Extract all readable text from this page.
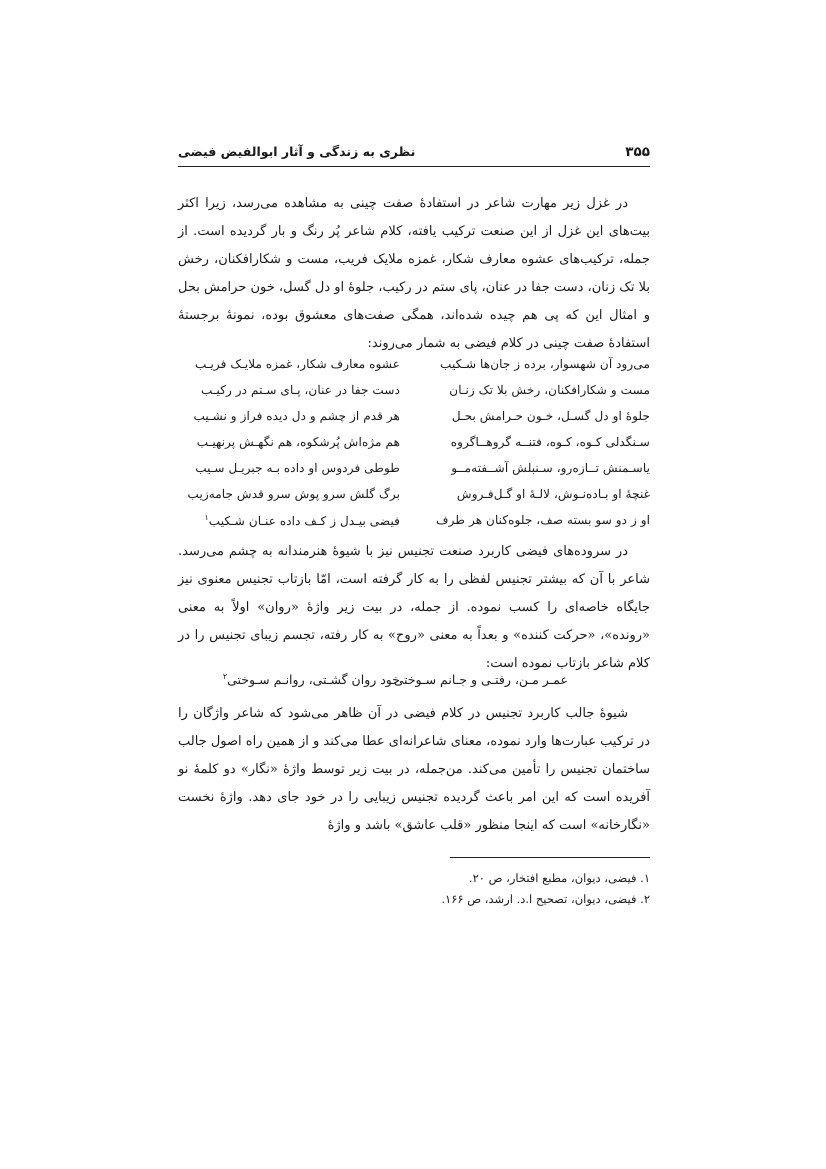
۳۵۵
نظری به زندگی و آثار ابوالفیض فیضی

در غزل زیر مهارت شاعر در استفادۀ صفت چینی به مشاهده می‌رسد، زیرا اکثر بیت‌های این غزل از این صنعت ترکیب یافته، کلام شاعر پُر رنگ و بار گردیده است. از جمله، ترکیب‌های عشوه معارف شکار، غمزه ملایک فریب، مست و شکارافکنان، رخش بلا تک زنان، دست جفا در عنان، پای ستم در رکیب، جلوۀ او دل گسل، خون حرامش بحل و امثال این که پی هم چیده شده‌اند، همگی صفت‌های معشوق بوده، نمونۀ برجستۀ استفادۀ صفت چینی در کلام فیضی به شمار می‌روند:

می‌رود آن شهسوار، برده ز جان‌ها شـکیب
عشوه معارف شکار، غمزه ملایـک فریـب
مست و شکارافکنان، رخش بلا تک زنـان
دست جفا در عنان، پـای سـتم در رکیـب
جلوۀ او دل گسـل، خـون حـرامش بحـل
هر قدم از چشم و دل دیده فراز و نشـیب
سـنگدلی کـوه، کـوه، فتنــه گروهــاگروه
هم مژه‌اش پُرشکوه، هم نگهـش پرنهیـب
یاسـمنش تــازه‌رو، سـنبلش آشــفته‌مــو
طوطی فردوس او داده بـه جبریـل سـیب
غنچۀ او بـاده‌نـوش، لالـۀ او گـل‌فـروش
برگ گلش سرو پوش سرو قدش جامه‌زیب
او ز دو سو بسته صف، جلوه‌کنان هر طرف
فیضی بیـدل ز کـف داده عنـان شـکیب$^۱$

در سروده‌های فیضی کاربرد صنعت تجنیس نیز با شیوۀ هنرمندانه به چشم می‌رسد. شاعر با آن که بیشتر تجنیس لفظی را به کار گرفته است، امّا بازتاب تجنیس معنوی نیز جایگاه خاصه‌ای را کسب نموده. از جمله، در بیت زیر واژۀ «روان» اولاً به معنی «رونده»، «حرکت کننده» و بعداً به معنی «روح» به کار رفته، تجسم زیبای تجنیس را در کلام شاعر بازتاب نموده است:

عمـر مـن، رفتـی و جـانم سـوختی
خود روان گشـتی، روانـم سـوختی$^۲$

شیوۀ جالب کاربرد تجنیس در کلام فیضی در آن ظاهر می‌شود که شاعر واژگان را در ترکیب عبارت‌ها وارد نموده، معنای شاعرانه‌ای عطا می‌کند و از همین راه اصول جالب ساختمان تجنیس را تأمین می‌کند. من‌جمله، در بیت زیر توسط واژۀ «نگار» دو کلمۀ نو آفریده است که این امر باعث گردیده تجنیس زیبایی را در خود جای دهد. واژۀ نخست «نگارخانه» است که اینجا منظور «قلب عاشق» باشد و واژۀ

۱. فیضی، دیوان، مطبع افتخار، ص ۲۰.
۲. فیضی، دیوان، تصحیح ا.د. ارشد، ص ۱۶۶.
